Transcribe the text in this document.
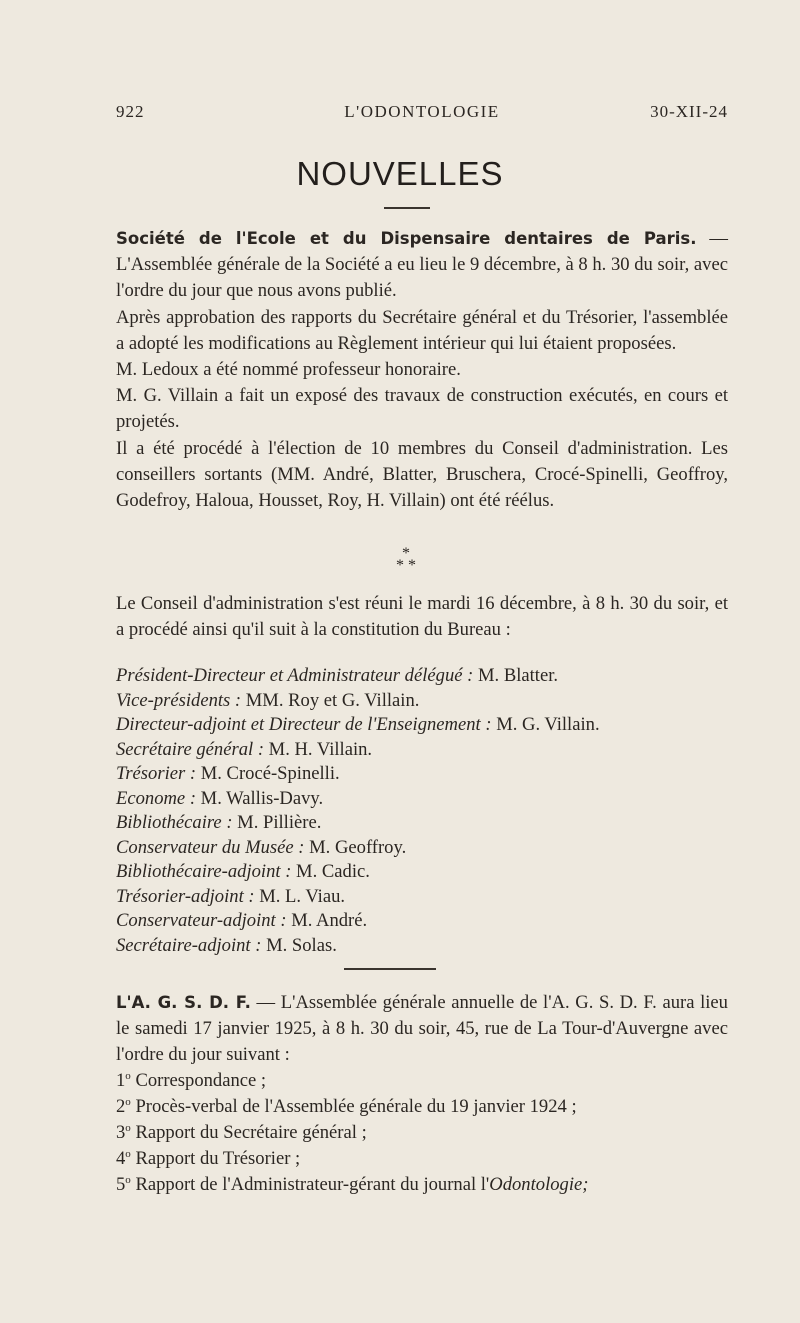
922	L'ODONTOLOGIE	30-XII-24
NOUVELLES

Société de l'Ecole et du Dispensaire dentaires de Paris. — L'Assemblée générale de la Société a eu lieu le 9 décembre, à 8 h. 30 du soir, avec l'ordre du jour que nous avons publié.

Après approbation des rapports du Secrétaire général et du Trésorier, l'assemblée a adopté les modifications au Règlement intérieur qui lui étaient proposées.

M. Ledoux a été nommé professeur honoraire.

M. G. Villain a fait un exposé des travaux de construction exécutés, en cours et projetés.

Il a été procédé à l'élection de 10 membres du Conseil d'administration. Les conseillers sortants (MM. André, Blatter, Bruschera, Crocé-Spinelli, Geoffroy, Godefroy, Haloua, Housset, Roy, H. Villain) ont été réélus.

*
* *

Le Conseil d'administration s'est réuni le mardi 16 décembre, à 8 h. 30 du soir, et a procédé ainsi qu'il suit à la constitution du Bureau :

Président-Directeur et Administrateur délégué : M. Blatter.
Vice-présidents : MM. Roy et G. Villain.
Directeur-adjoint et Directeur de l'Enseignement : M. G. Villain.
Secrétaire général : M. H. Villain.
Trésorier : M. Crocé-Spinelli.
Econome : M. Wallis-Davy.
Bibliothécaire : M. Pillière.
Conservateur du Musée : M. Geoffroy.
Bibliothécaire-adjoint : M. Cadic.
Trésorier-adjoint : M. L. Viau.
Conservateur-adjoint : M. André.
Secrétaire-adjoint : M. Solas.

L'A. G. S. D. F. — L'Assemblée générale annuelle de l'A. G. S. D. F. aura lieu le samedi 17 janvier 1925, à 8 h. 30 du soir, 45, rue de La Tour-d'Auvergne avec l'ordre du jour suivant :

1$^o$ Correspondance ;
2$^o$ Procès-verbal de l'Assemblée générale du 19 janvier 1924 ;
3$^o$ Rapport du Secrétaire général ;
4$^o$ Rapport du Trésorier ;
5$^o$ Rapport de l'Administrateur-gérant du journal l'Odontologie;
